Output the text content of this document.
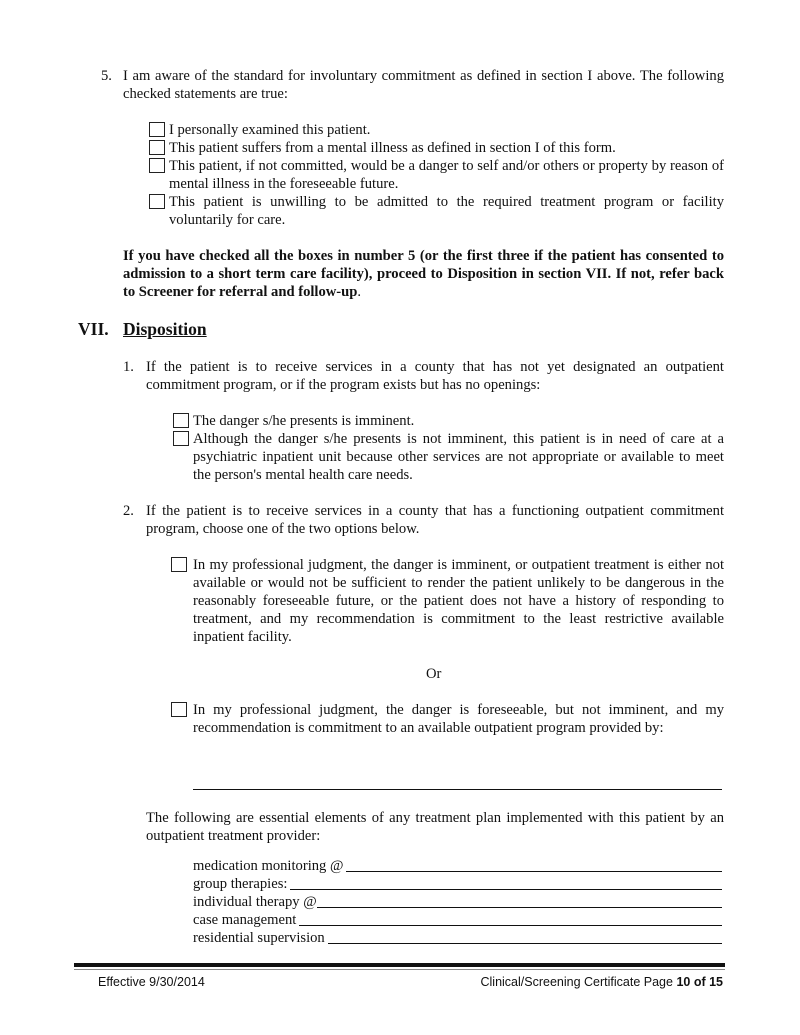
5. I am aware of the standard for involuntary commitment as defined in section I above. The following checked statements are true:
I personally examined this patient.
This patient suffers from a mental illness as defined in section I of this form.
This patient, if not committed, would be a danger to self and/or others or property by reason of mental illness in the foreseeable future.
This patient is unwilling to be admitted to the required treatment program or facility voluntarily for care.
If you have checked all the boxes in number 5 (or the first three if the patient has consented to admission to a short term care facility), proceed to Disposition in section VII. If not, refer back to Screener for referral and follow-up.
VII. Disposition
1. If the patient is to receive services in a county that has not yet designated an outpatient commitment program, or if the program exists but has no openings:
The danger s/he presents is imminent.
Although the danger s/he presents is not imminent, this patient is in need of care at a psychiatric inpatient unit because other services are not appropriate or available to meet the person's mental health care needs.
2. If the patient is to receive services in a county that has a functioning outpatient commitment program, choose one of the two options below.
In my professional judgment, the danger is imminent, or outpatient treatment is either not available or would not be sufficient to render the patient unlikely to be dangerous in the reasonably foreseeable future, or the patient does not have a history of responding to treatment, and my recommendation is commitment to the least restrictive available inpatient facility.
Or
In my professional judgment, the danger is foreseeable, but not imminent, and my recommendation is commitment to an available outpatient program provided by:
The following are essential elements of any treatment plan implemented with this patient by an outpatient treatment provider:
medication monitoring @
group therapies:
individual therapy @
case management
residential supervision
Effective 9/30/2014	Clinical/Screening Certificate Page 10 of 15
